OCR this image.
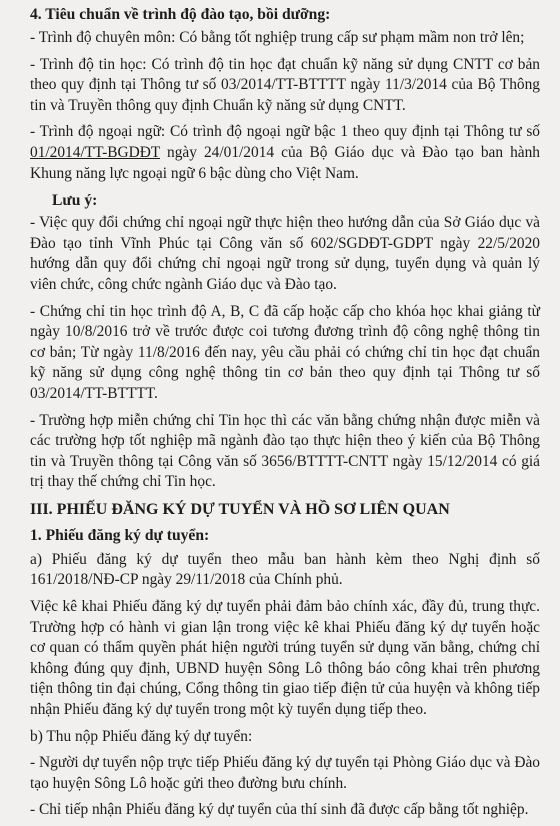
4. Tiêu chuẩn về trình độ đào tạo, bồi dưỡng:

- Trình độ chuyên môn: Có bằng tốt nghiệp trung cấp sư phạm mầm non trở lên;

- Trình độ tin học: Có trình độ tin học đạt chuẩn kỹ năng sử dụng CNTT cơ bản theo quy định tại Thông tư số 03/2014/TT-BTTTT ngày 11/3/2014 của Bộ Thông tin và Truyền thông quy định Chuẩn kỹ năng sử dụng CNTT.

- Trình độ ngoại ngữ: Có trình độ ngoại ngữ bậc 1 theo quy định tại Thông tư số 01/2014/TT-BGDĐT ngày 24/01/2014 của Bộ Giáo dục và Đào tạo ban hành Khung năng lực ngoại ngữ 6 bậc dùng cho Việt Nam.

Lưu ý:

- Việc quy đổi chứng chỉ ngoại ngữ thực hiện theo hướng dẫn của Sở Giáo dục và Đào tạo tỉnh Vĩnh Phúc tại Công văn số 602/SGDĐT-GDPT ngày 22/5/2020 hướng dẫn quy đổi chứng chỉ ngoại ngữ trong sử dụng, tuyển dụng và quản lý viên chức, công chức ngành Giáo dục và Đào tạo.

- Chứng chỉ tin học trình độ A, B, C đã cấp hoặc cấp cho khóa học khai giảng từ ngày 10/8/2016 trở về trước được coi tương đương trình độ công nghệ thông tin cơ bản; Từ ngày 11/8/2016 đến nay, yêu cầu phải có chứng chỉ tin học đạt chuẩn kỹ năng sử dụng công nghệ thông tin cơ bản theo quy định tại Thông tư số 03/2014/TT-BTTTT.

- Trường hợp miễn chứng chỉ Tin học thì các văn bằng chứng nhận được miễn và các trường hợp tốt nghiệp mã ngành đào tạo thực hiện theo ý kiến của Bộ Thông tin và Truyền thông tại Công văn số 3656/BTTTT-CNTT ngày 15/12/2014 có giá trị thay thế chứng chỉ Tin học.

III. PHIẾU ĐĂNG KÝ DỰ TUYỂN VÀ HỒ SƠ LIÊN QUAN
1. Phiếu đăng ký dự tuyển:

a) Phiếu đăng ký dự tuyển theo mẫu ban hành kèm theo Nghị định số 161/2018/NĐ-CP ngày 29/11/2018 của Chính phủ.

Việc kê khai Phiếu đăng ký dự tuyển phải đảm bảo chính xác, đầy đủ, trung thực. Trường hợp có hành vi gian lận trong việc kê khai Phiếu đăng ký dự tuyển hoặc cơ quan có thẩm quyền phát hiện người trúng tuyển sử dụng văn bằng, chứng chỉ không đúng quy định, UBND huyện Sông Lô thông báo công khai trên phương tiện thông tin đại chúng, Cổng thông tin giao tiếp điện tử của huyện và không tiếp nhận Phiếu đăng ký dự tuyển trong một kỳ tuyển dụng tiếp theo.

b) Thu nộp Phiếu đăng ký dự tuyển:

- Người dự tuyển nộp trực tiếp Phiếu đăng ký dự tuyển tại Phòng Giáo dục và Đào tạo huyện Sông Lô hoặc gửi theo đường bưu chính.

- Chỉ tiếp nhận Phiếu đăng ký dự tuyển của thí sinh đã được cấp bằng tốt nghiệp.
